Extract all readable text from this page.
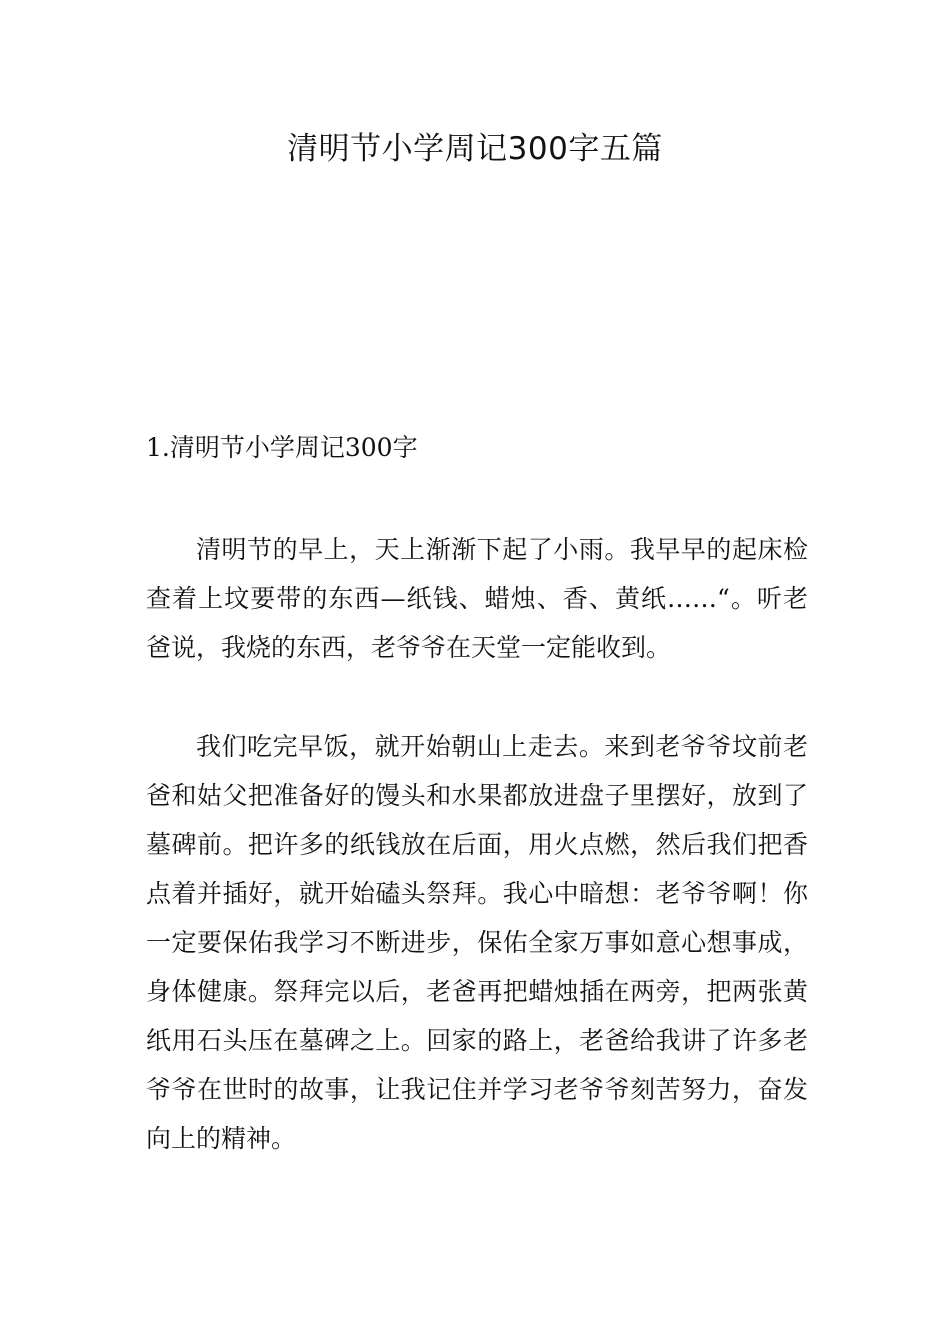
清明节小学周记300字五篇
1.清明节小学周记300字

清明节的早上，天上渐渐下起了小雨。我早早的起床检查着上坟要带的东西—纸钱、蜡烛、香、黄纸……“。听老爸说，我烧的东西，老爷爷在天堂一定能收到。

我们吃完早饭，就开始朝山上走去。来到老爷爷坟前老爸和姑父把准备好的馒头和水果都放进盘子里摆好，放到了墓碑前。把许多的纸钱放在后面，用火点燃，然后我们把香点着并插好，就开始磕头祭拜。我心中暗想：老爷爷啊！你一定要保佑我学习不断进步，保佑全家万事如意心想事成，身体健康。祭拜完以后，老爸再把蜡烛插在两旁，把两张黄纸用石头压在墓碑之上。回家的路上，老爸给我讲了许多老爷爷在世时的故事，让我记住并学习老爷爷刻苦努力，奋发向上的精神。
